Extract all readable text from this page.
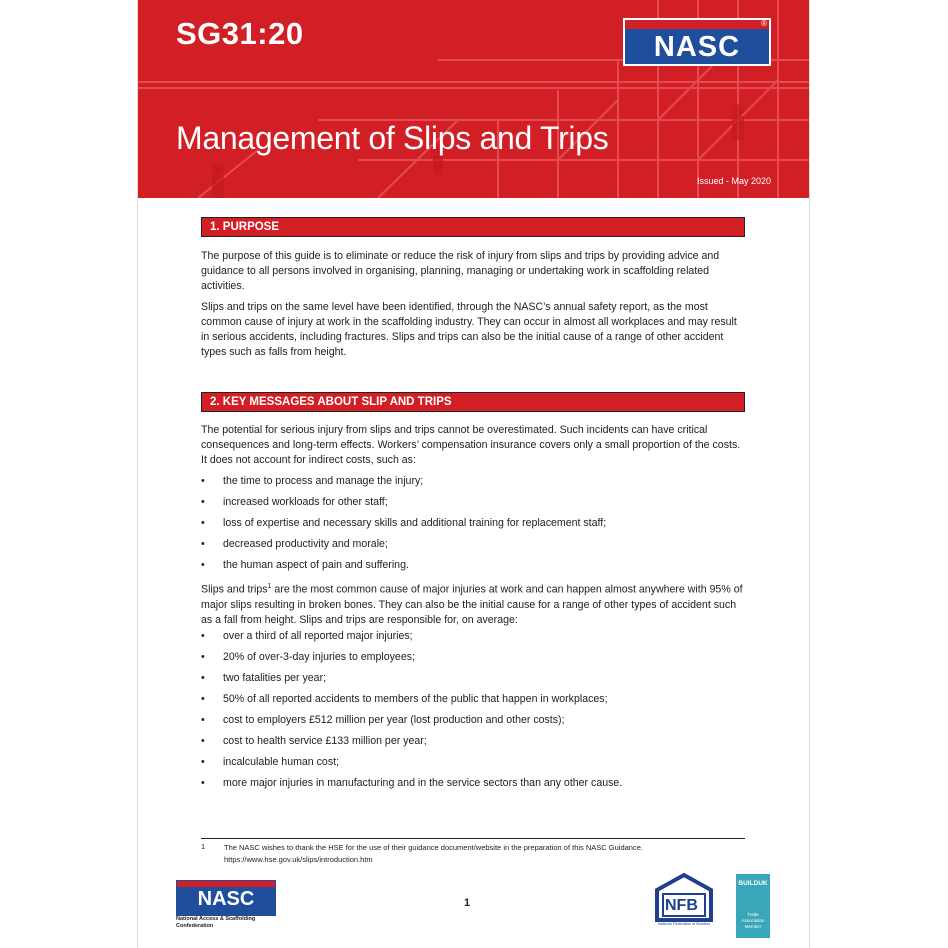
SG31:20	NASC
®
Management of Slips and Trips
Issued - May 2020
1. PURPOSE

The purpose of this guide is to eliminate or reduce the risk of injury from slips and trips by providing advice and guidance to all persons involved in organising, planning, managing or undertaking work in scaffolding related activities.

Slips and trips on the same level have been identified, through the NASC’s annual safety report, as the most common cause of injury at work in the scaffolding industry. They can occur in almost all workplaces and may result in serious accidents, including fractures. Slips and trips can also be the initial cause of a range of other accident types such as falls from height.

2. KEY MESSAGES ABOUT SLIP AND TRIPS

The potential for serious injury from slips and trips cannot be overestimated. Such incidents can have critical consequences and long-term effects. Workers’ compensation insurance covers only a small proportion of the costs. It does not account for indirect costs, such as:

• the time to process and manage the injury;
• increased workloads for other staff;
• loss of expertise and necessary skills and additional training for replacement staff;
• decreased productivity and morale;
• the human aspect of pain and suffering.

Slips and trips$^1$ are the most common cause of major injuries at work and can happen almost anywhere with 95% of major slips resulting in broken bones. They can also be the initial cause for a range of other types of accident such as a fall from height. Slips and trips are responsible for, on average:

• over a third of all reported major injuries;
• 20% of over-3-day injuries to employees;
• two fatalities per year;
• 50% of all reported accidents to members of the public that happen in workplaces;
• cost to employers £512 million per year (lost production and other costs);
• cost to health service £133 million per year;
• incalculable human cost;
• more major injuries in manufacturing and in the service sectors than any other cause.
1	The NASC wishes to thank the HSE for the use of their guidance document/website in the preparation of this NASC Guidance.
https://www.hse.gov.uk/slips/introduction.htm
NASC
National Access & Scaffolding Confederation
1	NFB
National Federation of Builders
BUILDUK
Trade Association Member
